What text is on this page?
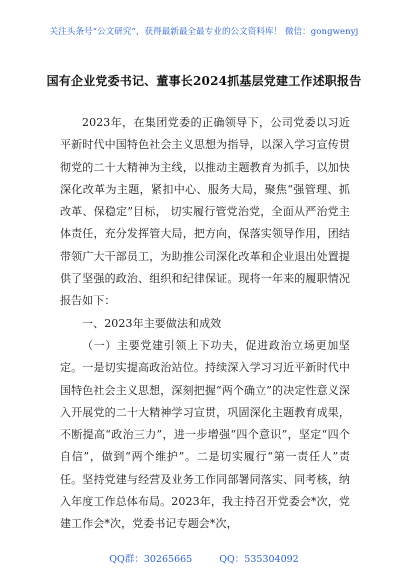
关注头条号“公文研究”，获得最新最全最专业的公文资料库！ 微信：gongwenyj
国有企业党委书记、董事长2024抓基层党建工作述职报告

2023年，在集团党委的正确领导下，公司党委以习近平新时代中国特色社会主义思想为指导，以深入学习宣传贯彻党的二十大精神为主线，以推动主题教育为抓手，以加快深化改革为主题，紧扣中心、服务大局，聚焦“强管理、抓改革、保稳定”目标， 切实履行管党治党，全面从严治党主体责任，充分发挥管大局，把方向，保落实领导作用，团结带领广大干部员工，为助推公司深化改革和企业退出处置提供了坚强的政治、组织和纪律保证。现将一年来的履职情况报告如下：

一、2023年主要做法和成效

（一）主要党建引领上下功夫，促进政治立场更加坚定。一是切实提高政治站位。持续深入学习习近平新时代中国特色社会主义思想，深刻把握“两个确立”的决定性意义深入开展党的二十大精神学习宣贯，巩固深化主题教育成果，不断提高“政治三力”，进一步增强“四个意识”，坚定“四个自信”，做到“两个维护”。二是切实履行“第一责任人”责任。坚持党建与经营及业务工作同部署同落实、同考核，纳入年度工作总体布局。2023年，我主持召开党委会*次，党建工作会*次，党委书记专题会*次，

QQ群：30265665	QQ：535304092
